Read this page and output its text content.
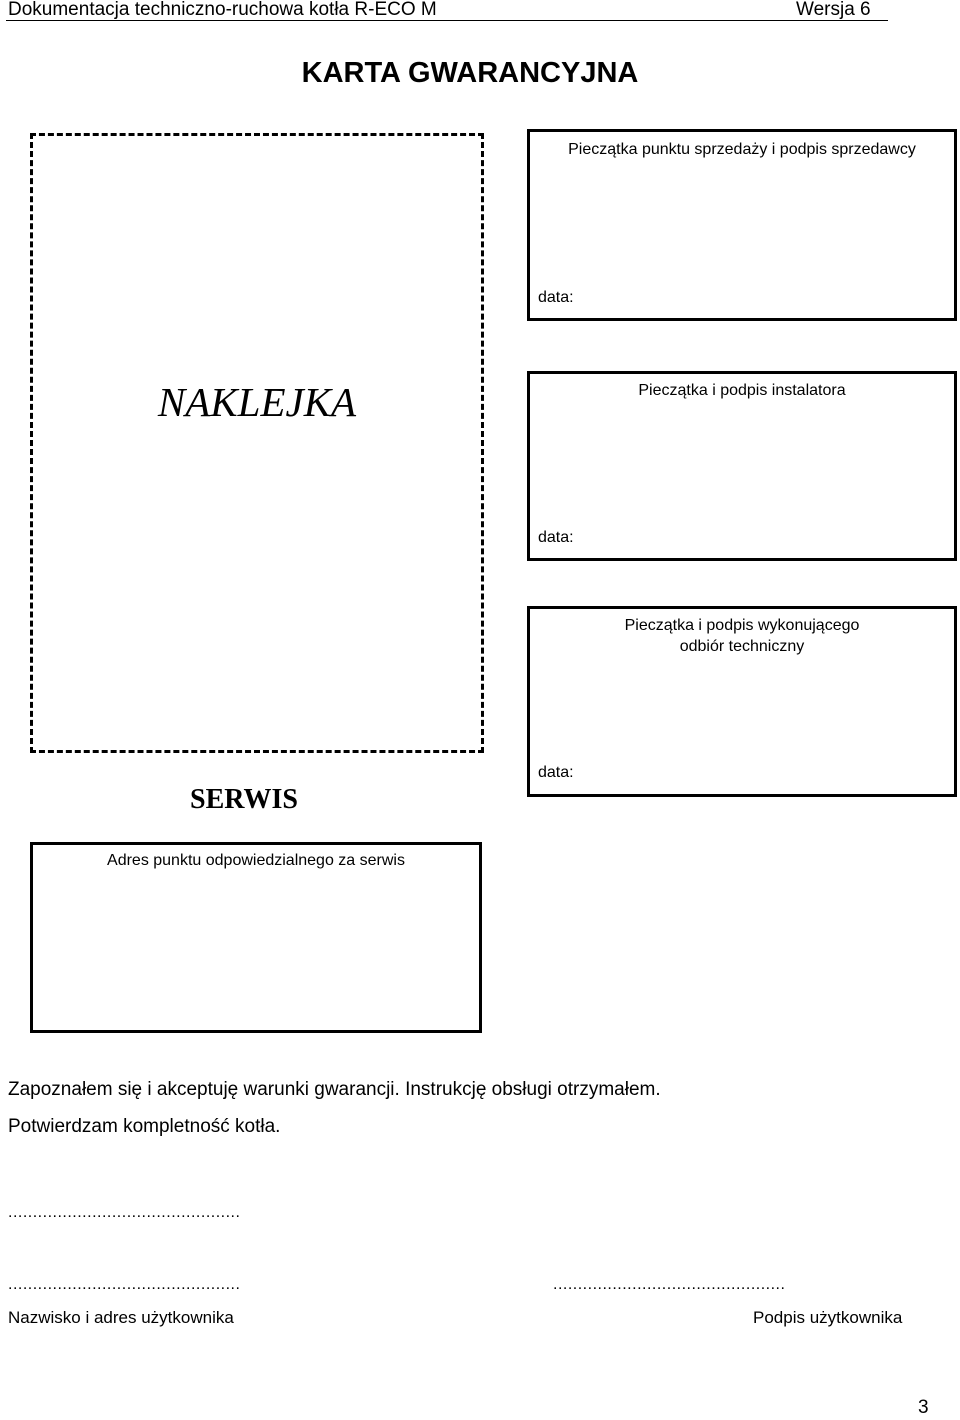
Dokumentacja techniczno-ruchowa kotła R-ECO M	Wersja 6
KARTA GWARANCYJNA
NAKLEJKA
SERWIS
Pieczątka punktu sprzedaży i podpis sprzedawcy
data:
Pieczątka i podpis instalatora
data:
Pieczątka i podpis wykonującego
odbiór techniczny
data:
Adres punktu odpowiedzialnego za serwis
Zapoznałem się i akceptuję warunki gwarancji. Instrukcję obsługi otrzymałem.
Potwierdzam kompletność kotła.
...............................................
...............................................	...............................................
Nazwisko i adres użytkownika	Podpis użytkownika
3
